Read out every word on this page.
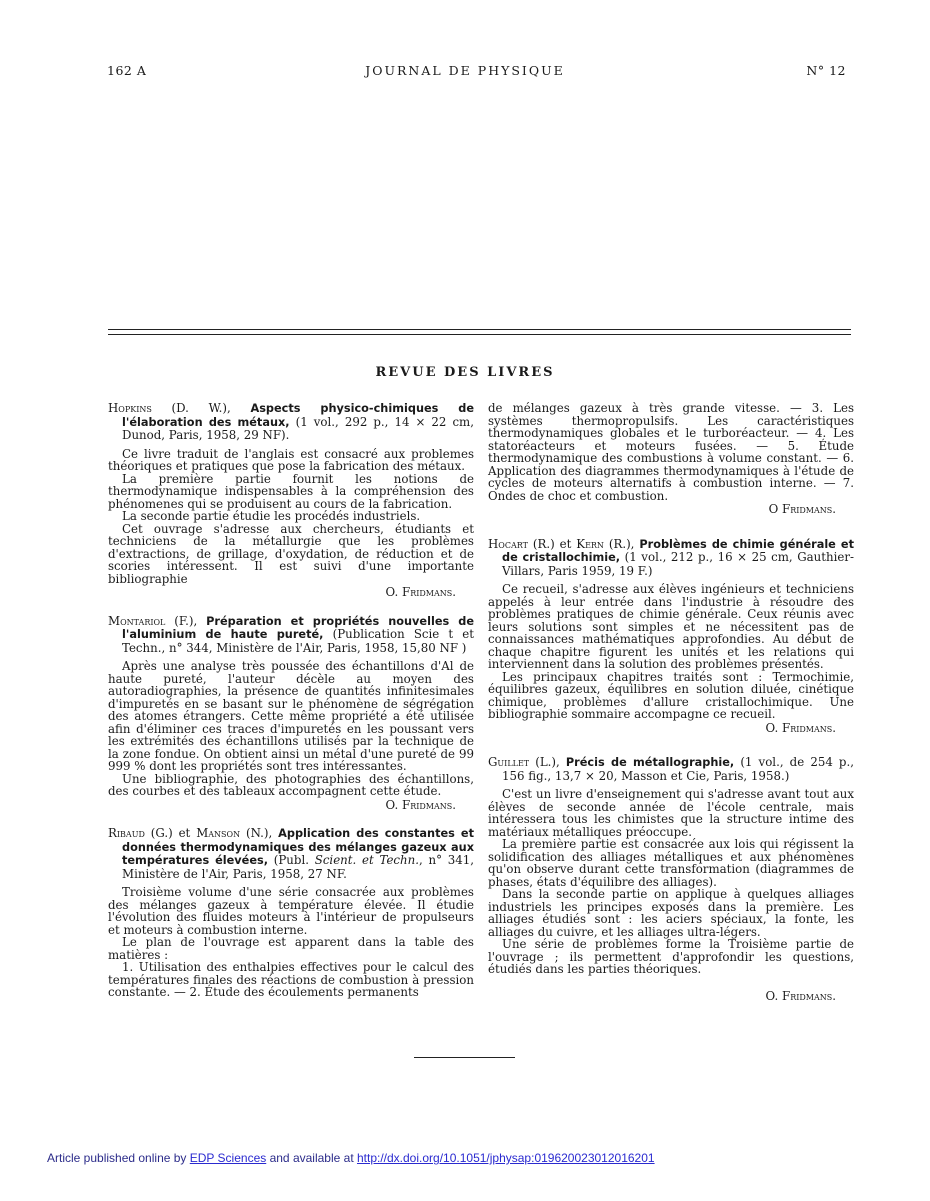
162 A	JOURNAL DE PHYSIQUE	N° 12
REVUE DES LIVRES
Hopkins (D. W.), Aspects physico-chimiques de l'élaboration des métaux, (1 vol., 292 p., 14 × 22 cm, Dunod, Paris, 1958, 29 NF).

Ce livre traduit de l'anglais est consacré aux problemes théoriques et pratiques que pose la fabrication des métaux.

La première partie fournit les notions de thermodynamique indispensables à la compréhension des phénomenes qui se produisent au cours de la fabrication.

La seconde partie étudie les procédés industriels.

Cet ouvrage s'adresse aux chercheurs, étudiants et techniciens de la métallurgie que les problèmes d'extractions, de grillage, d'oxydation, de réduction et de scories intéressent. Il est suivi d'une importante bibliographie

O. Fridmans.
Montariol (F.), Préparation et propriétés nouvelles de l'aluminium de haute pureté, (Publication Scie t et Techn., n° 344, Ministère de l'Air, Paris, 1958, 15,80 NF )

Après une analyse très poussée des échantillons d'Al de haute pureté, l'auteur décèle au moyen des autoradiographies, la présence de quantités infinitesimales d'impuretés en se basant sur le phénomène de ségrégation des atomes étrangers. Cette même propriété a été utilisée afin d'éliminer ces traces d'impuretés en les poussant vers les extrémités des échantillons utilisés par la technique de la zone fondue. On obtient ainsi un métal d'une pureté de 99 999 % dont les propriétés sont tres intéressantes.

Une bibliographie, des photographies des échantillons, des courbes et des tableaux accompagnent cette étude.

O. Fridmans.
Ribaud (G.) et Manson (N.), Application des constantes et données thermodynamiques des mélanges gazeux aux températures élevées, (Publ. Scient. et Techn., n° 341, Ministère de l'Air, Paris, 1958, 27 NF.

Troisième volume d'une série consacrée aux problèmes des mélanges gazeux à température élevée. Il étudie l'évolution des fluides moteurs à l'intérieur de propulseurs et moteurs à combustion interne.

Le plan de l'ouvrage est apparent dans la table des matières :

1. Utilisation des enthalpies effectives pour le calcul des températures finales des réactions de combustion à pression constante. — 2. Étude des écoulements permanents

de mélanges gazeux à très grande vitesse. — 3. Les systèmes thermopropulsifs. Les caractéristiques thermodynamiques globales et le turboréacteur. — 4. Les statoréacteurs et moteurs fusées. — 5. Étude thermodynamique des combustions à volume constant. — 6. Application des diagrammes thermodynamiques à l'étude de cycles de moteurs alternatifs à combustion interne. — 7. Ondes de choc et combustion.

O Fridmans.
Hocart (R.) et Kern (R.), Problèmes de chimie générale et de cristallochimie, (1 vol., 212 p., 16 × 25 cm, Gauthier-Villars, Paris 1959, 19 F.)

Ce recueil, s'adresse aux élèves ingénieurs et techniciens appelés à leur entrée dans l'industrie à résoudre des problèmes pratiques de chimie générale. Ceux réunis avec leurs solutions sont simples et ne nécessitent pas de connaissances mathématiques approfondies. Au début de chaque chapitre figurent les unités et les relations qui interviennent dans la solution des problèmes présentés.

Les principaux chapitres traités sont : Termochimie, équilibres gazeux, équilibres en solution diluée, cinétique chimique, problèmes d'allure cristallochimique. Une bibliographie sommaire accompagne ce recueil.

O. Fridmans.
Guillet (L.), Précis de métallographie, (1 vol., de 254 p., 156 fig., 13,7 × 20, Masson et Cie, Paris, 1958.)

C'est un livre d'enseignement qui s'adresse avant tout aux élèves de seconde année de l'école centrale, mais intéressera tous les chimistes que la structure intime des matériaux métalliques préoccupe.

La première partie est consacrée aux lois qui régissent la solidification des alliages métalliques et aux phénomènes qu'on observe durant cette transformation (diagrammes de phases, états d'équilibre des alliages).

Dans la seconde partie on applique à quelques alliages industriels les principes exposés dans la première. Les alliages étudiés sont : les aciers spéciaux, la fonte, les alliages du cuivre, et les alliages ultra-légers.

Une série de problèmes forme la Troisième partie de l'ouvrage ; ils permettent d'approfondir les questions, étudiés dans les parties théoriques.

O. Fridmans.
Article published online by EDP Sciences and available at http://dx.doi.org/10.1051/jphysap:019620023012016201
